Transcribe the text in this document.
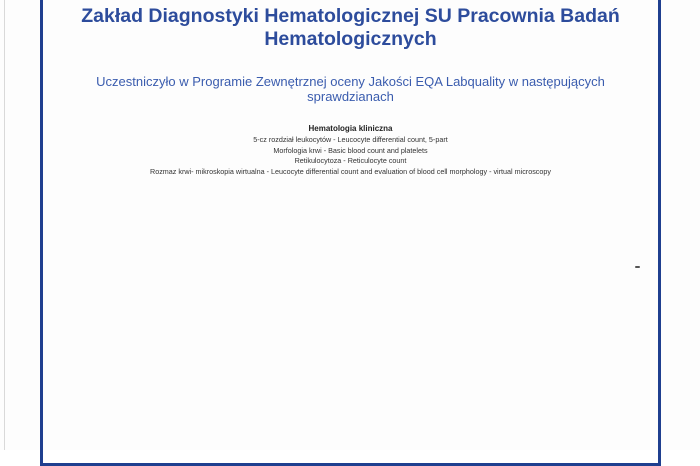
Zakład Diagnostyki Hematologicznej SU Pracownia Badań Hematologicznych
Uczestniczyło w Programie Zewnętrznej oceny Jakości EQA Labquality w następujących sprawdzianach
Hematologia kliniczna
5-cz rozdział leukocytów - Leucocyte differential count, 5-part
Morfologia krwi - Basic blood count and platelets
Retikulocytoza - Reticulocyte count
Rozmaz krwi- mikroskopia wirtualna - Leucocyte differential count and evaluation of blood cell morphology - virtual microscopy
